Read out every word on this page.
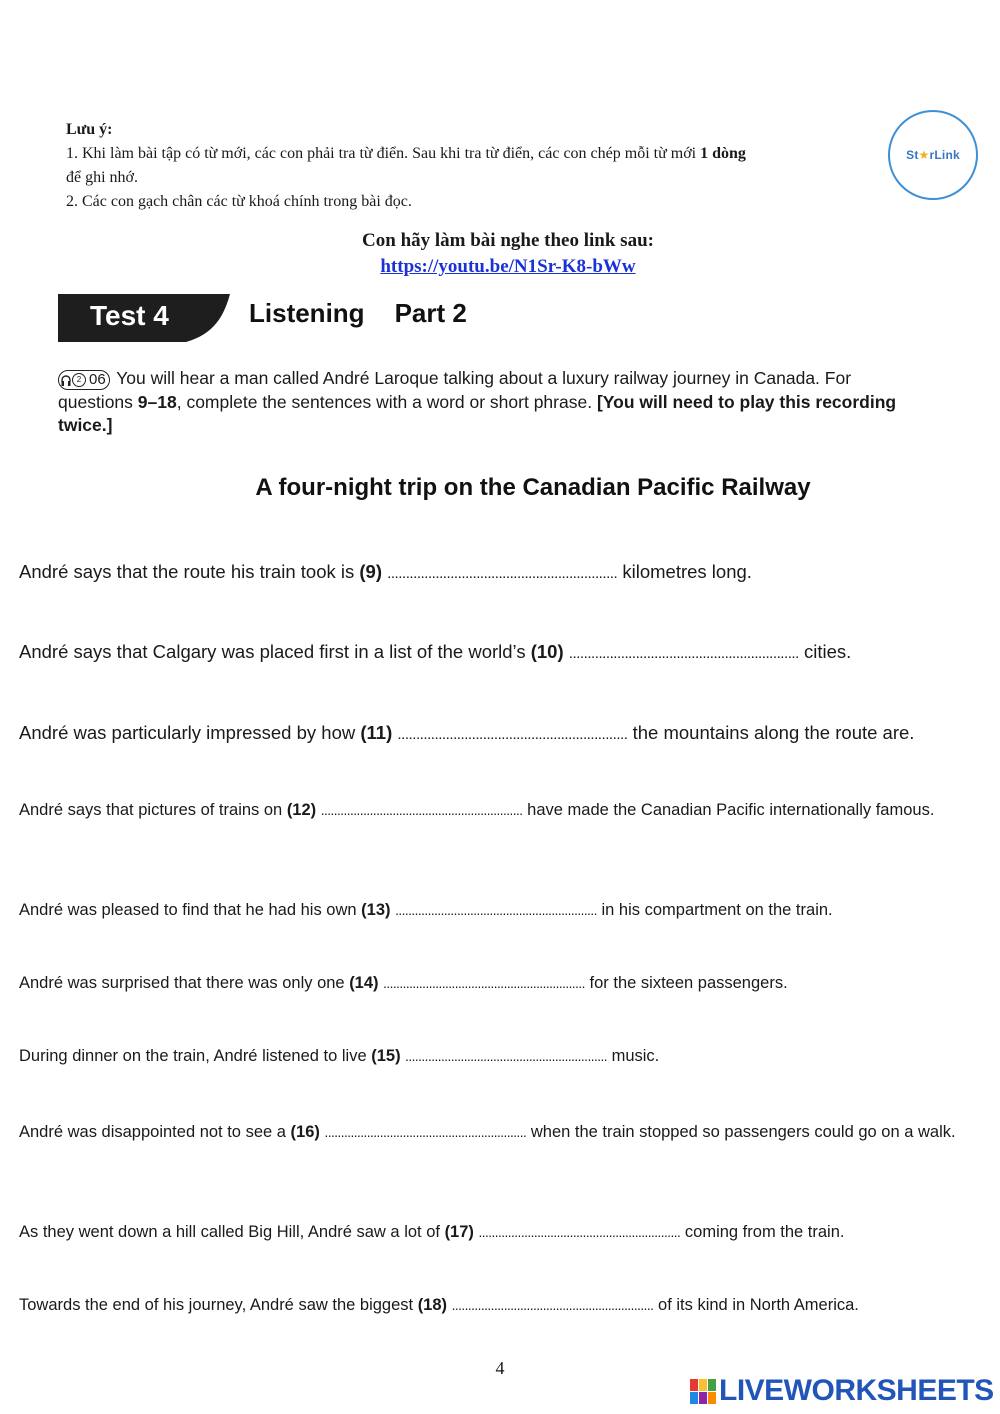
Lưu ý:
1. Khi làm bài tập có từ mới, các con phải tra từ điển. Sau khi tra từ điển, các con chép mỗi từ mới 1 dòng
để ghi nhớ.
2. Các con gạch chân các từ khoá chính trong bài đọc.
St★rLink
Con hãy làm bài nghe theo link sau:
https://youtu.be/N1Sr-K8-bWw
Test 4	Listening Part 2
2 06 You will hear a man called André Laroque talking about a luxury railway journey in Canada. For questions 9–18, complete the sentences with a word or short phrase. [You will need to play this recording twice.]
A four-night trip on the Canadian Pacific Railway
André says that the route his train took is (9) .............................................................. kilometres long.
André says that Calgary was placed first in a list of the world’s (10) .............................................................. cities.
André was particularly impressed by how (11) .............................................................. the mountains along the route are.
André says that pictures of trains on (12) .............................................................. have made the Canadian Pacific internationally famous.
André was pleased to find that he had his own (13) .............................................................. in his compartment on the train.
André was surprised that there was only one (14) .............................................................. for the sixteen passengers.
During dinner on the train, André listened to live (15) .............................................................. music.
André was disappointed not to see a (16) .............................................................. when the train stopped so passengers could go on a walk.
As they went down a hill called Big Hill, André saw a lot of (17) .............................................................. coming from the train.
Towards the end of his journey, André saw the biggest (18) .............................................................. of its kind in North America.
4
LIVEWORKSHEETS
